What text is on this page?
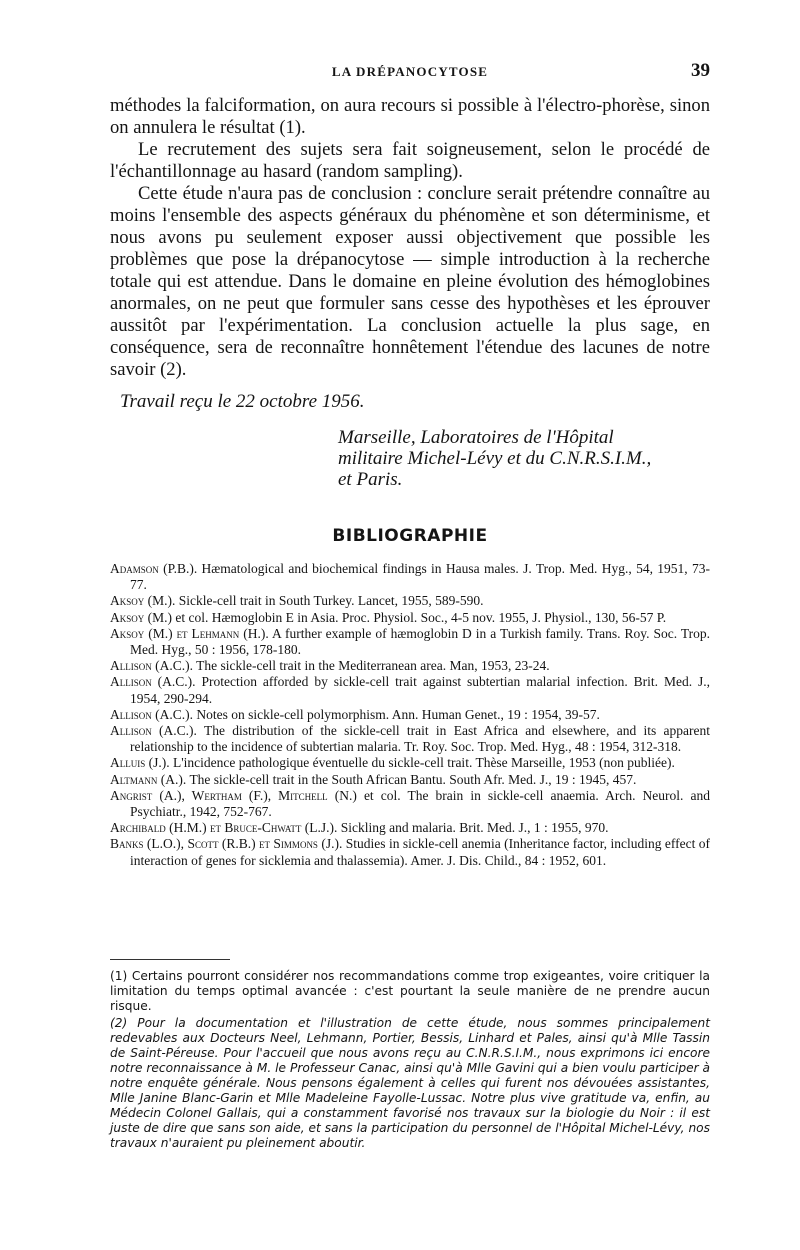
LA DRÉPANOCYTOSE	39

méthodes la falciformation, on aura recours si possible à l'électro-phorèse, sinon on annulera le résultat (1).

Le recrutement des sujets sera fait soigneusement, selon le procédé de l'échantillonnage au hasard (random sampling).

Cette étude n'aura pas de conclusion : conclure serait prétendre connaître au moins l'ensemble des aspects généraux du phénomène et son déterminisme, et nous avons pu seulement exposer aussi objectivement que possible les problèmes que pose la drépanocytose — simple introduction à la recherche totale qui est attendue. Dans le domaine en pleine évolution des hémoglobines anormales, on ne peut que formuler sans cesse des hypothèses et les éprouver aussitôt par l'expérimentation. La conclusion actuelle la plus sage, en conséquence, sera de reconnaître honnêtement l'étendue des lacunes de notre savoir (2).

Travail reçu le 22 octobre 1956.
Marseille, Laboratoires de l'Hôpital
militaire Michel-Lévy et du C.N.R.S.I.M.,
et Paris.
BIBLIOGRAPHIE
Adamson (P.B.). Hæmatological and biochemical findings in Hausa males. J. Trop. Med. Hyg., 54, 1951, 73-77.
Aksoy (M.). Sickle-cell trait in South Turkey. Lancet, 1955, 589-590.
Aksoy (M.) et col. Hæmoglobin E in Asia. Proc. Physiol. Soc., 4-5 nov. 1955, J. Physiol., 130, 56-57 P.
Aksoy (M.) et Lehmann (H.). A further example of hæmoglobin D in a Turkish family. Trans. Roy. Soc. Trop. Med. Hyg., 50 : 1956, 178-180.
Allison (A.C.). The sickle-cell trait in the Mediterranean area. Man, 1953, 23-24.
Allison (A.C.). Protection afforded by sickle-cell trait against subtertian malarial infection. Brit. Med. J., 1954, 290-294.
Allison (A.C.). Notes on sickle-cell polymorphism. Ann. Human Genet., 19 : 1954, 39-57.
Allison (A.C.). The distribution of the sickle-cell trait in East Africa and elsewhere, and its apparent relationship to the incidence of subtertian malaria. Tr. Roy. Soc. Trop. Med. Hyg., 48 : 1954, 312-318.
Alluis (J.). L'incidence pathologique éventuelle du sickle-cell trait. Thèse Marseille, 1953 (non publiée).
Altmann (A.). The sickle-cell trait in the South African Bantu. South Afr. Med. J., 19 : 1945, 457.
Angrist (A.), Wertham (F.), Mitchell (N.) et col. The brain in sickle-cell anaemia. Arch. Neurol. and Psychiatr., 1942, 752-767.
Archibald (H.M.) et Bruce-Chwatt (L.J.). Sickling and malaria. Brit. Med. J., 1 : 1955, 970.
Banks (L.O.), Scott (R.B.) et Simmons (J.). Studies in sickle-cell anemia (Inheritance factor, including effect of interaction of genes for sicklemia and thalassemia). Amer. J. Dis. Child., 84 : 1952, 601.
(1) Certains pourront considérer nos recommandations comme trop exigeantes, voire critiquer la limitation du temps optimal avancée : c'est pourtant la seule manière de ne prendre aucun risque.
(2) Pour la documentation et l'illustration de cette étude, nous sommes principalement redevables aux Docteurs Neel, Lehmann, Portier, Bessis, Linhard et Pales, ainsi qu'à Mlle Tassin de Saint-Péreuse. Pour l'accueil que nous avons reçu au C.N.R.S.I.M., nous exprimons ici encore notre reconnaissance à M. le Professeur Canac, ainsi qu'à Mlle Gavini qui a bien voulu participer à notre enquête générale. Nous pensons également à celles qui furent nos dévouées assistantes, Mlle Janine Blanc-Garin et Mlle Madeleine Fayolle-Lussac. Notre plus vive gratitude va, enfin, au Médecin Colonel Gallais, qui a constamment favorisé nos travaux sur la biologie du Noir : il est juste de dire que sans son aide, et sans la participation du personnel de l'Hôpital Michel-Lévy, nos travaux n'auraient pu pleinement aboutir.
